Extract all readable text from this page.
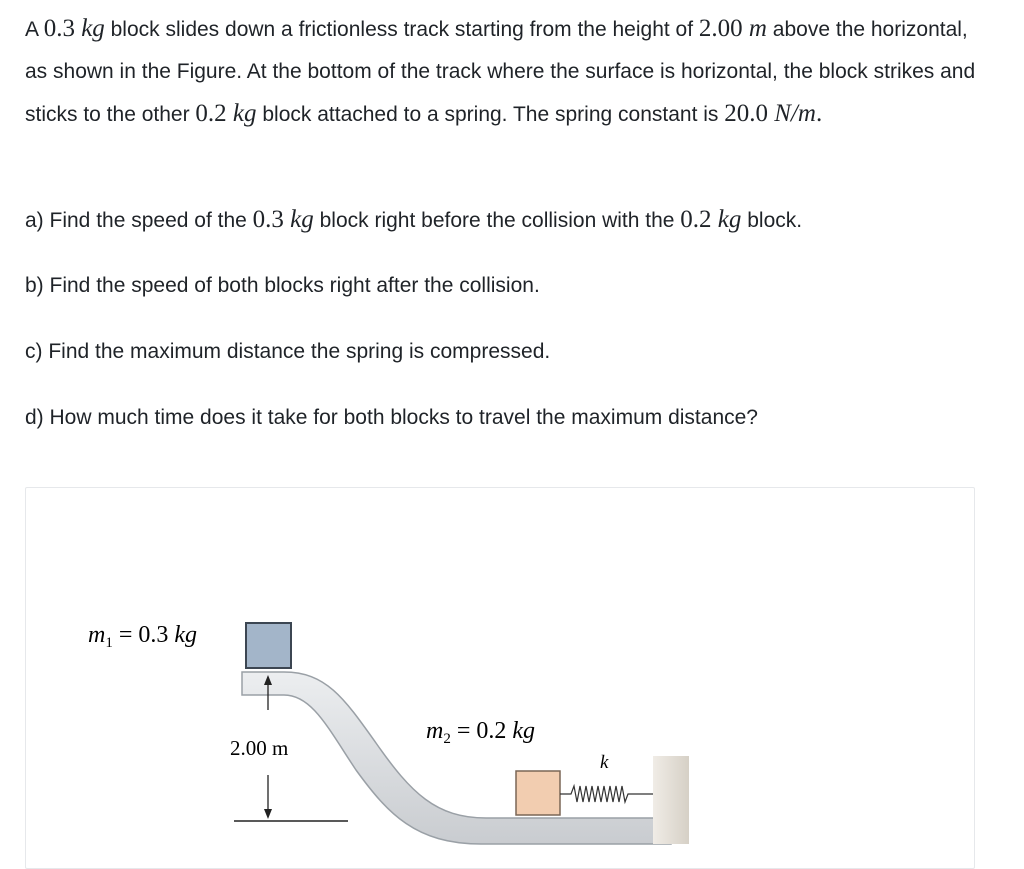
A 0.3 kg block slides down a frictionless track starting from the height of 2.00 m above the horizontal, as shown in the Figure. At the bottom of the track where the surface is horizontal, the block strikes and sticks to the other 0.2 kg block attached to a spring. The spring constant is 20.0 N/m.

a) Find the speed of the 0.3 kg block right before the collision with the 0.2 kg block.

b) Find the speed of both blocks right after the collision.

c) Find the maximum distance the spring is compressed.

d) How much time does it take for both blocks to travel the maximum distance?

$m_1 = 0.3$ kg
2.00 m
$m_2 = 0.2$ kg
k
